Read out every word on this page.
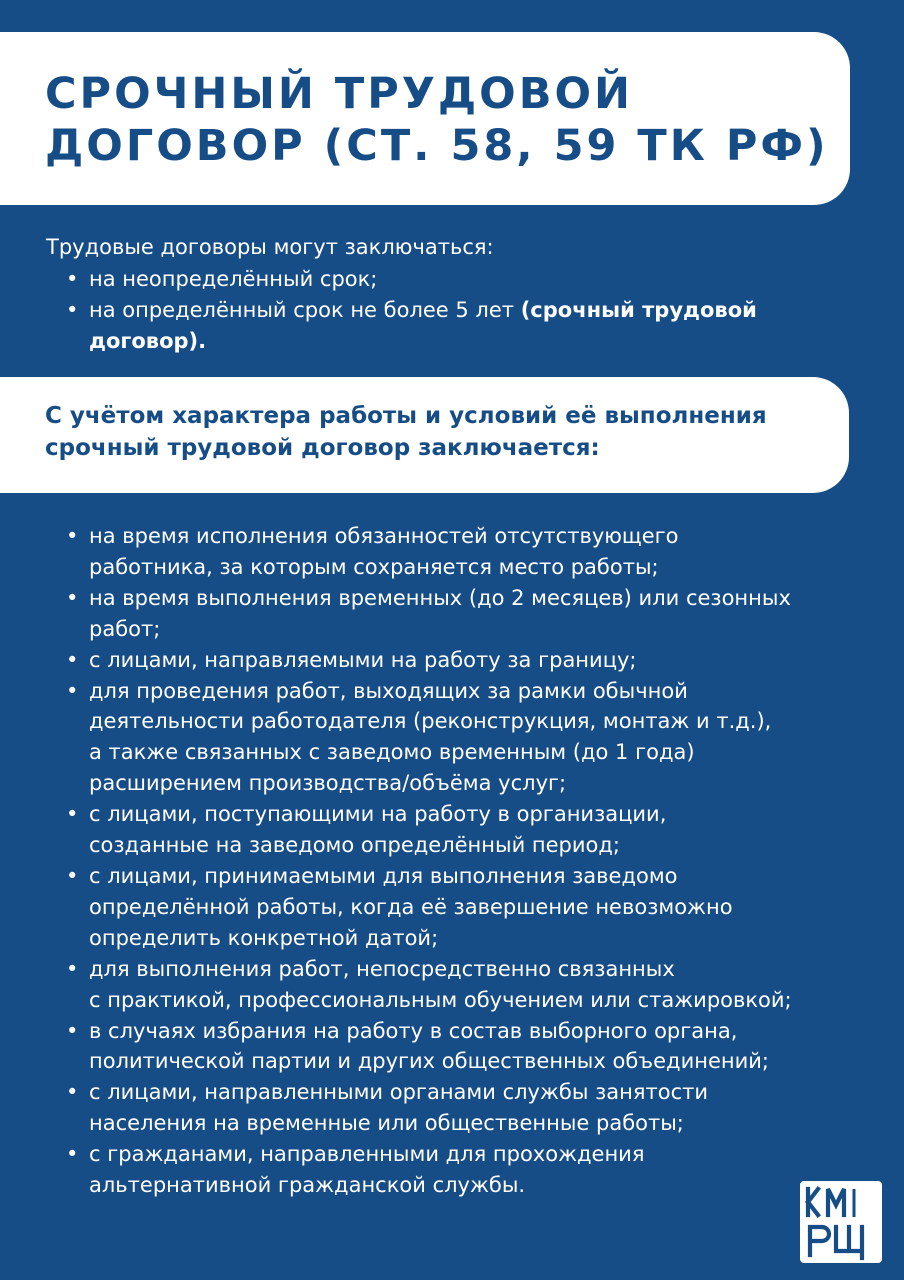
СРОЧНЫЙ ТРУДОВОЙ
ДОГОВОР (СТ. 58, 59 ТК РФ)

Трудовые договоры могут заключаться:

• на неопределённый срок;
• на определённый срок не более 5 лет (срочный трудовой договор).
С учётом характера работы и условий её выполнения
срочный трудовой договор заключается:
• на время исполнения обязанностей отсутствующего
работника, за которым сохраняется место работы;
• на время выполнения временных (до 2 месяцев) или сезонных
работ;
• с лицами, направляемыми на работу за границу;
• для проведения работ, выходящих за рамки обычной
деятельности работодателя (реконструкция, монтаж и т.д.),
а также связанных с заведомо временным (до 1 года)
расширением производства/объёма услуг;
• с лицами, поступающими на работу в организации,
созданные на заведомо определённый период;
• с лицами, принимаемыми для выполнения заведомо
определённой работы, когда её завершение невозможно
определить конкретной датой;
• для выполнения работ, непосредственно связанных
с практикой, профессиональным обучением или стажировкой;
• в случаях избрания на работу в состав выборного органа,
политической партии и других общественных объединений;
• с лицами, направленными органами службы занятости
населения на временные или общественные работы;
• с гражданами, направленными для прохождения
альтернативной гражданской службы.
